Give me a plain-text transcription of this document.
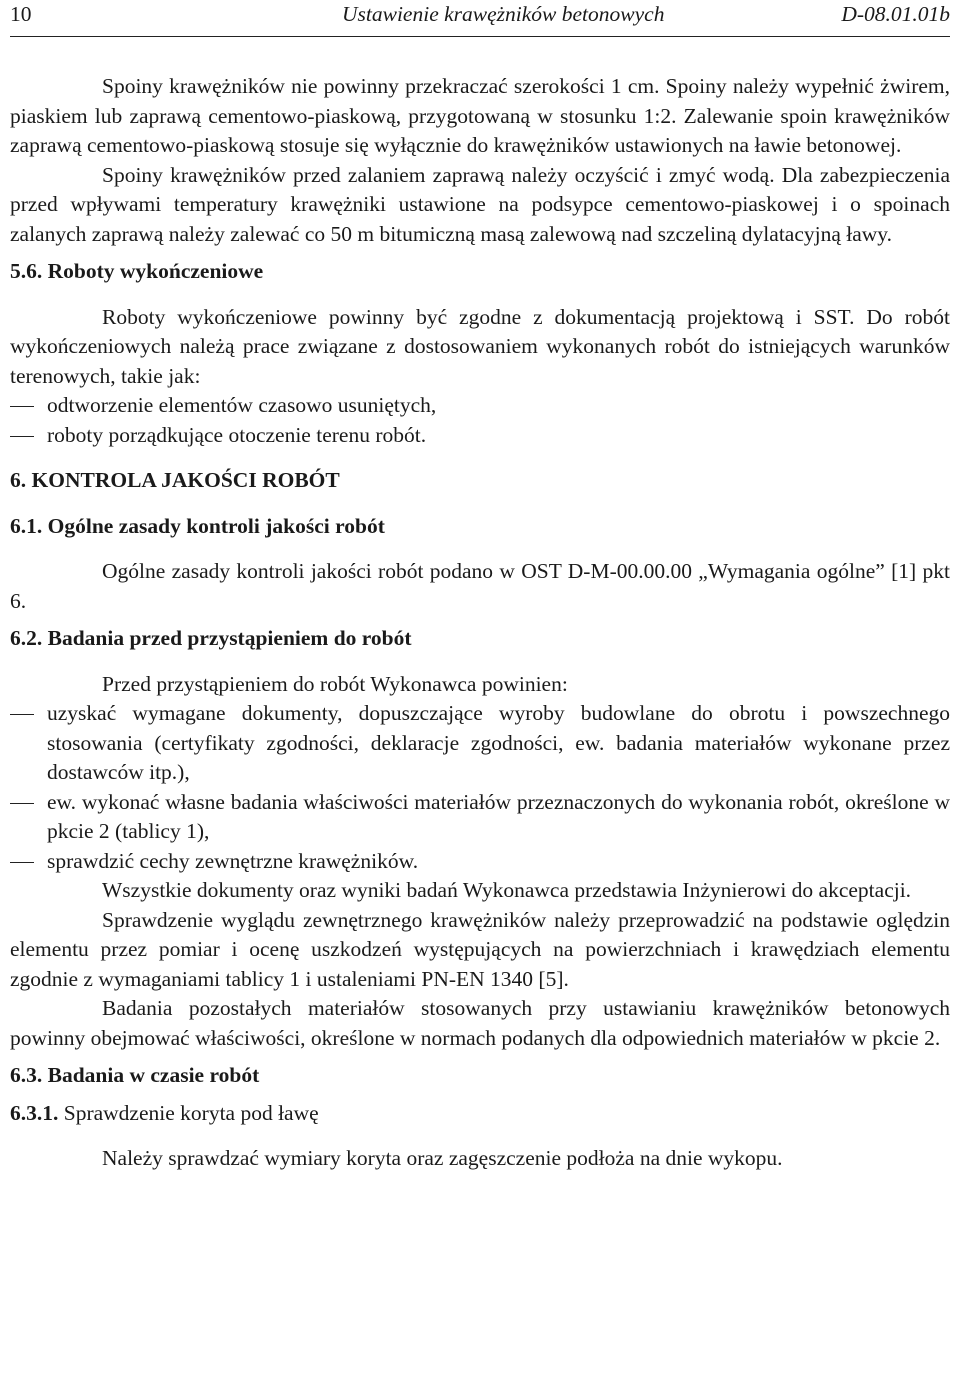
10	Ustawienie krawężników betonowych	D-08.01.01b

Spoiny krawężników nie powinny przekraczać szerokości 1 cm. Spoiny należy wypełnić żwirem, piaskiem lub zaprawą cementowo-piaskową, przygotowaną w stosunku 1:2. Zalewanie spoin krawężników zaprawą cementowo-piaskową stosuje się wyłącznie do krawężników ustawionych na ławie betonowej.

Spoiny krawężników przed zalaniem zaprawą należy oczyścić i zmyć wodą. Dla zabezpieczenia przed wpływami temperatury krawężniki ustawione na podsypce cementowo-piaskowej i o spoinach zalanych zaprawą należy zalewać co 50 m bitumiczną masą zalewową nad szczeliną dylatacyjną ławy.

5.6. Roboty wykończeniowe

Roboty wykończeniowe powinny być zgodne z dokumentacją projektową i SST. Do robót wykończeniowych należą prace związane z dostosowaniem wykonanych robót do istniejących warunków terenowych, takie jak:

odtworzenie elementów czasowo usuniętych,
roboty porządkujące otoczenie terenu robót.
6. KONTROLA JAKOŚCI ROBÓT
6.1. Ogólne zasady kontroli jakości robót

Ogólne zasady kontroli jakości robót podano w OST D-M-00.00.00 „Wymagania ogólne” [1] pkt 6.

6.2. Badania przed przystąpieniem do robót

Przed przystąpieniem do robót Wykonawca powinien:

uzyskać wymagane dokumenty, dopuszczające wyroby budowlane do obrotu i powszechnego stosowania (certyfikaty zgodności, deklaracje zgodności, ew. badania materiałów wykonane przez dostawców itp.),
ew. wykonać własne badania właściwości materiałów przeznaczonych do wykonania robót, określone w pkcie 2 (tablicy 1),
sprawdzić cechy zewnętrzne krawężników.

Wszystkie dokumenty oraz wyniki badań Wykonawca przedstawia Inżynierowi do akceptacji.

Sprawdzenie wyglądu zewnętrznego krawężników należy przeprowadzić na podstawie oględzin elementu przez pomiar i ocenę uszkodzeń występujących na powierzchniach i krawędziach elementu zgodnie z wymaganiami tablicy 1 i ustaleniami PN-EN 1340 [5].

Badania pozostałych materiałów stosowanych przy ustawianiu krawężników betonowych powinny obejmować właściwości, określone w normach podanych dla odpowiednich materiałów w pkcie 2.

6.3. Badania w czasie robót

6.3.1. Sprawdzenie koryta pod ławę

Należy sprawdzać wymiary koryta oraz zagęszczenie podłoża na dnie wykopu.
